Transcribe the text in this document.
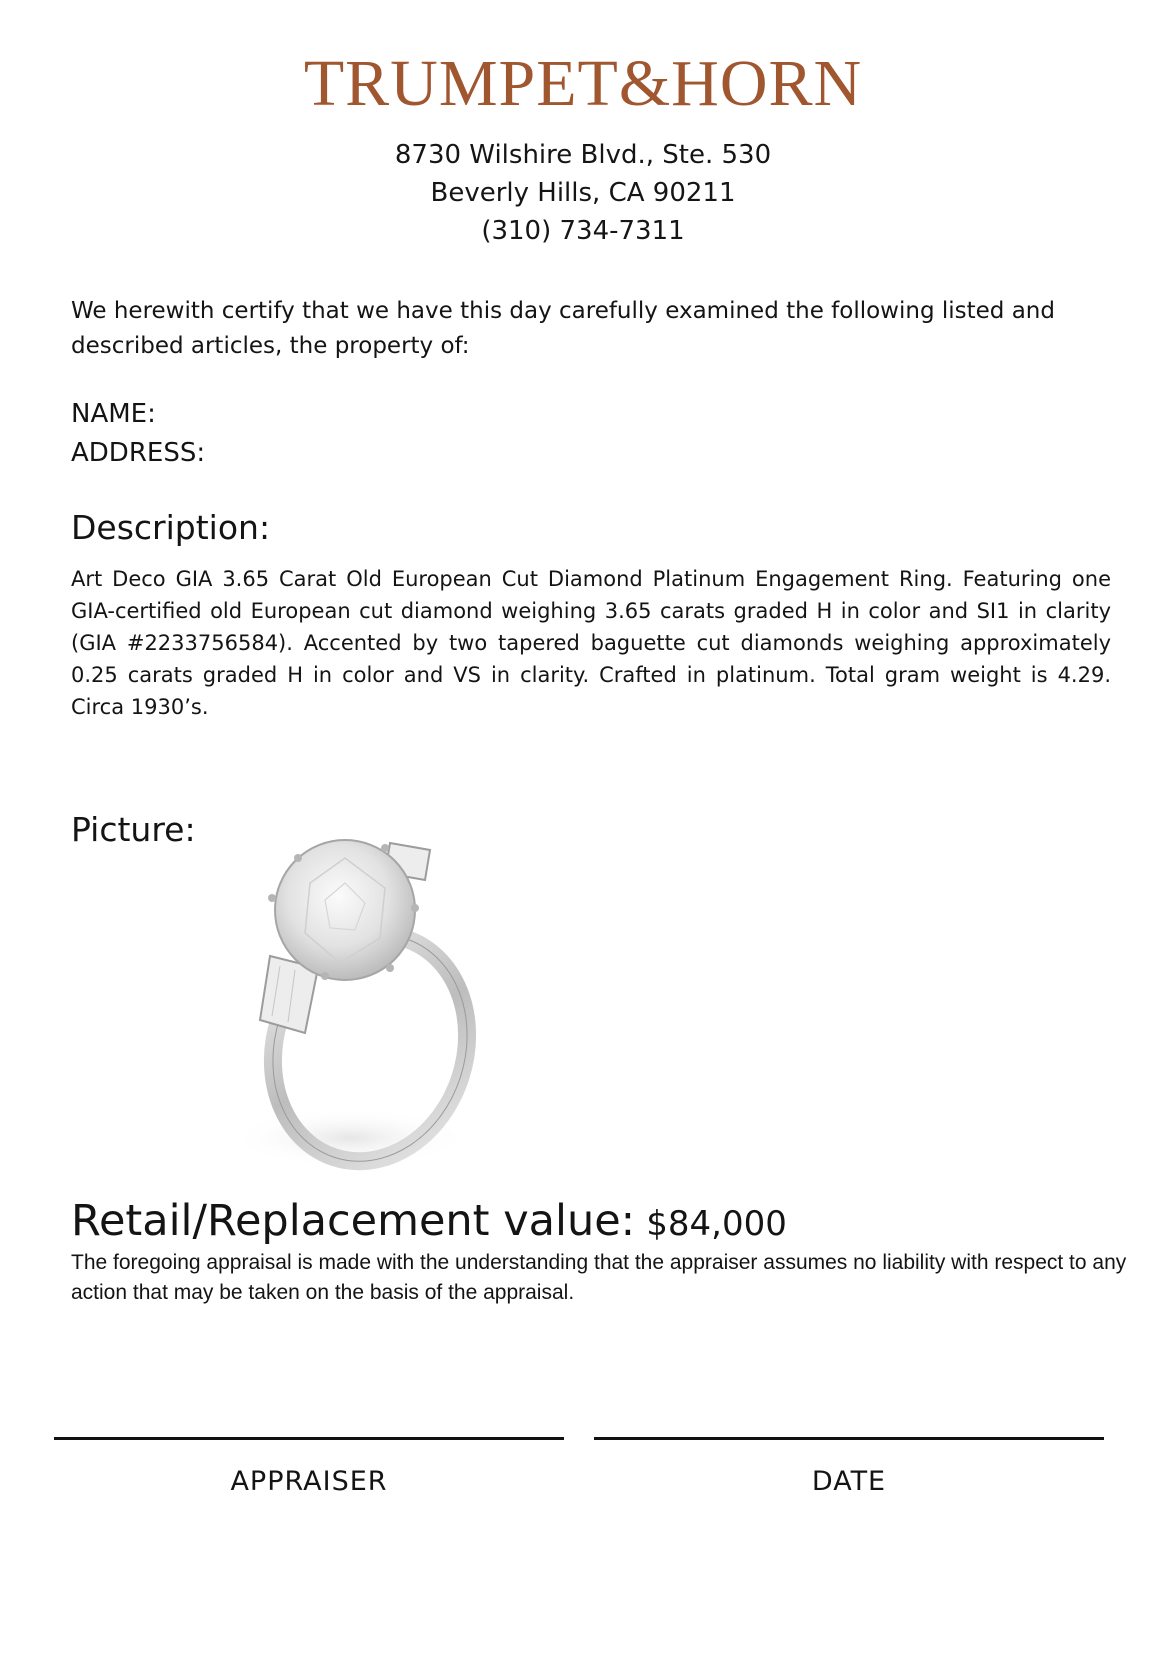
TRUMPET&HORN
8730 Wilshire Blvd., Ste. 530
Beverly Hills, CA 90211
(310) 734-7311
We herewith certify that we have this day carefully examined the following listed and described articles, the property of:
NAME:
ADDRESS:
Description:
Art Deco GIA 3.65 Carat Old European Cut Diamond Platinum Engagement Ring. Featuring one GIA-certified old European cut diamond weighing 3.65 carats graded H in color and SI1 in clarity (GIA #2233756584). Accented by two tapered baguette cut diamonds weighing approximately 0.25 carats graded H in color and VS in clarity. Crafted in platinum. Total gram weight is 4.29. Circa 1930’s.
Picture:
Retail/Replacement value: $84,000
The foregoing appraisal is made with the understanding that the appraiser assumes no liability with respect to any action that may be taken on the basis of the appraisal.
APPRAISER	DATE
